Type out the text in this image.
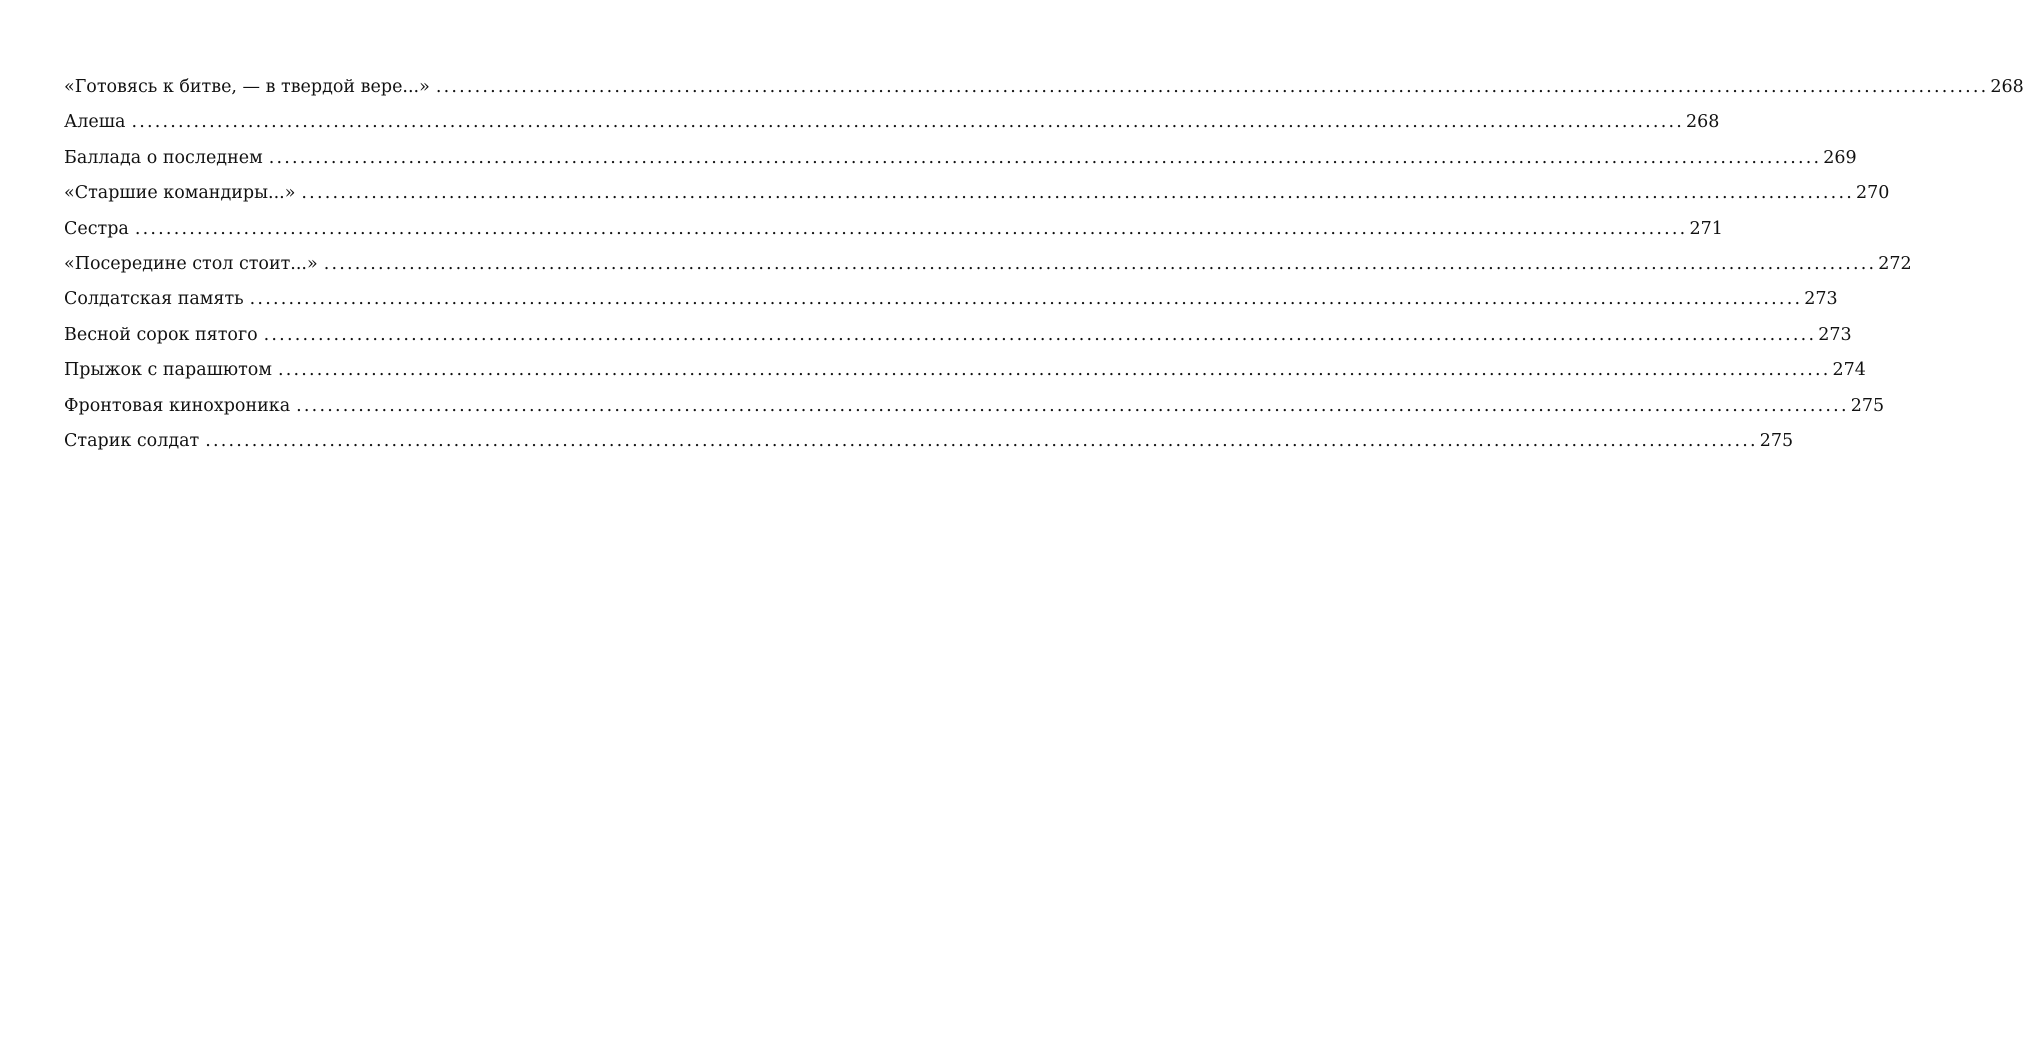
«Готовясь к битве, — в твердой вере...» ........................................................................................................................................................................................................ 268
Алеша ........................................................................................................................................................................................................ 268
Баллада о последнем ........................................................................................................................................................................................................ 269
«Старшие командиры...» ........................................................................................................................................................................................................ 270
Сестра ........................................................................................................................................................................................................ 271
«Посередине стол стоит...» ........................................................................................................................................................................................................ 272
Солдатская память ........................................................................................................................................................................................................ 273
Весной сорок пятого ........................................................................................................................................................................................................ 273
Прыжок с парашютом ........................................................................................................................................................................................................ 274
Фронтовая кинохроника ........................................................................................................................................................................................................ 275
Старик солдат ........................................................................................................................................................................................................ 275
